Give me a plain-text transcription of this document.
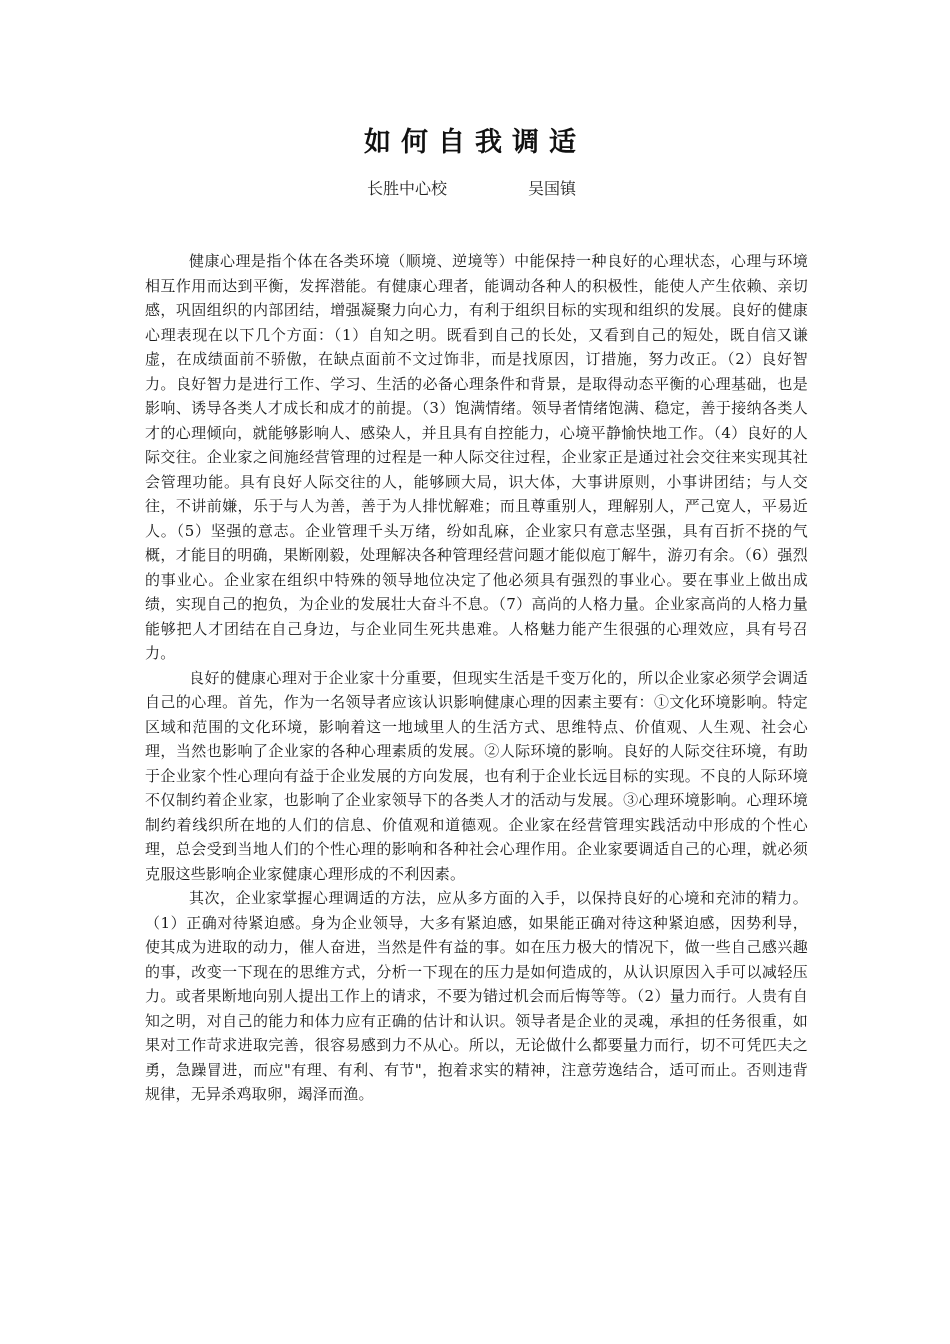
如何自我调适
长胜中心校	吴国镇

健康心理是指个体在各类环境（顺境、逆境等）中能保持一种良好的心理状态，心理与环境相互作用而达到平衡，发挥潜能。有健康心理者，能调动各种人的积极性，能使人产生依赖、亲切感，巩固组织的内部团结，增强凝聚力向心力，有利于组织目标的实现和组织的发展。良好的健康心理表现在以下几个方面：（1）自知之明。既看到自己的长处，又看到自己的短处，既自信又谦虚，在成绩面前不骄傲，在缺点面前不文过饰非，而是找原因，订措施，努力改正。（2）良好智力。良好智力是进行工作、学习、生活的必备心理条件和背景，是取得动态平衡的心理基础，也是影响、诱导各类人才成长和成才的前提。（3）饱满情绪。领导者情绪饱满、稳定，善于接纳各类人才的心理倾向，就能够影响人、感染人，并且具有自控能力，心境平静愉快地工作。（4）良好的人际交往。企业家之间施经营管理的过程是一种人际交往过程，企业家正是通过社会交往来实现其社会管理功能。具有良好人际交往的人，能够顾大局，识大体，大事讲原则，小事讲团结；与人交往，不讲前嫌，乐于与人为善，善于为人排忧解难；而且尊重别人，理解别人，严己宽人，平易近人。（5）坚强的意志。企业管理千头万绪，纷如乱麻，企业家只有意志坚强，具有百折不挠的气概，才能目的明确，果断刚毅，处理解决各种管理经营问题才能似庖丁解牛，游刃有余。（6）强烈的事业心。企业家在组织中特殊的领导地位决定了他必须具有强烈的事业心。要在事业上做出成绩，实现自己的抱负，为企业的发展壮大奋斗不息。（7）高尚的人格力量。企业家高尚的人格力量能够把人才团结在自己身边，与企业同生死共患难。人格魅力能产生很强的心理效应，具有号召力。

良好的健康心理对于企业家十分重要，但现实生活是千变万化的，所以企业家必须学会调适自己的心理。首先，作为一名领导者应该认识影响健康心理的因素主要有：①文化环境影响。特定区域和范围的文化环境，影响着这一地域里人的生活方式、思维特点、价值观、人生观、社会心理，当然也影响了企业家的各种心理素质的发展。②人际环境的影响。良好的人际交往环境，有助于企业家个性心理向有益于企业发展的方向发展，也有利于企业长远目标的实现。不良的人际环境不仅制约着企业家，也影响了企业家领导下的各类人才的活动与发展。③心理环境影响。心理环境制约着线织所在地的人们的信息、价值观和道德观。企业家在经营管理实践活动中形成的个性心理，总会受到当地人们的个性心理的影响和各种社会心理作用。企业家要调适自己的心理，就必须克服这些影响企业家健康心理形成的不利因素。

其次，企业家掌握心理调适的方法，应从多方面的入手，以保持良好的心境和充沛的精力。（1）正确对待紧迫感。身为企业领导，大多有紧迫感，如果能正确对待这种紧迫感，因势利导，使其成为进取的动力，催人奋进，当然是件有益的事。如在压力极大的情况下，做一些自己感兴趣的事，改变一下现在的思维方式，分析一下现在的压力是如何造成的，从认识原因入手可以减轻压力。或者果断地向别人提出工作上的请求，不要为错过机会而后悔等等。（2）量力而行。人贵有自知之明，对自己的能力和体力应有正确的估计和认识。领导者是企业的灵魂，承担的任务很重，如果对工作苛求进取完善，很容易感到力不从心。所以，无论做什么都要量力而行，切不可凭匹夫之勇，急躁冒进，而应"有理、有利、有节"，抱着求实的精神，注意劳逸结合，适可而止。否则违背规律，无异杀鸡取卵，竭泽而渔。
